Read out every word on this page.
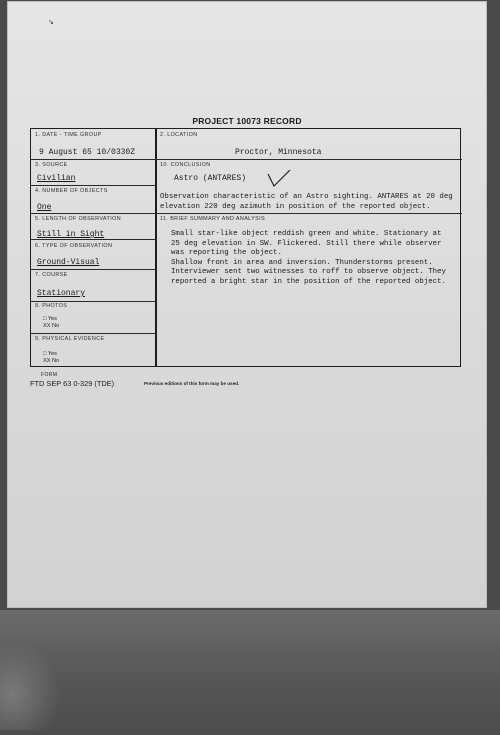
↘
PROJECT 10073 RECORD
1. DATE - TIME GROUP
9 August 65 10/0330Z
2. LOCATION
Proctor, Minnesota
3. SOURCE
Civilian
10. CONCLUSION
Astro (ANTARES)
Observation characteristic of an Astro sighting. ANTARES at 20 deg
elevation 220 deg azimuth in position of the reported object.
4. NUMBER OF OBJECTS
One
5. LENGTH OF OBSERVATION
Still in Sight
11. BRIEF SUMMARY AND ANALYSIS
Small star-like object reddish green and white. Stationary at
25 deg elevation in SW. Flickered. Still there while observer
was reporting the object.
Shallow front in area and inversion. Thunderstorms present.
Interviewer sent two witnesses to roff to observe object. They
reported a bright star in the position of the reported object.
6. TYPE OF OBSERVATION
Ground-Visual
7. COURSE
Stationary
8. PHOTOS
□ Yes
XX No
9. PHYSICAL EVIDENCE
□ Yes
XX No
FORM
FTD SEP 63 0-329 (TDE)	Previous editions of this form may be used.
